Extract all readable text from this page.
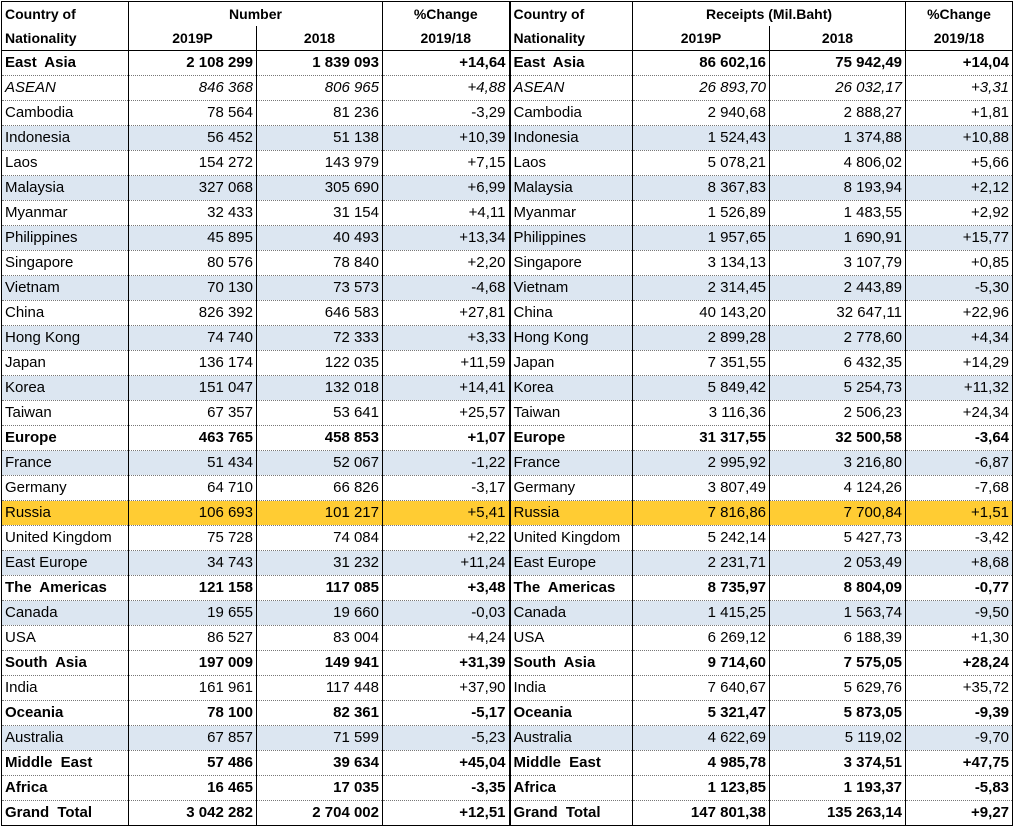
Country of	Number		%Change	Country of	Receipts (Mil.Baht)		%Change
Nationality	2019P	2018	2019/18	Nationality	2019P	2018	2019/18
East Asia	2 108 299	1 839 093	+14,64	East Asia	86 602,16	75 942,49	+14,04
ASEAN	846 368	806 965	+4,88	ASEAN	26 893,70	26 032,17	+3,31
Cambodia	78 564	81 236	-3,29	Cambodia	2 940,68	2 888,27	+1,81
Indonesia	56 452	51 138	+10,39	Indonesia	1 524,43	1 374,88	+10,88
Laos	154 272	143 979	+7,15	Laos	5 078,21	4 806,02	+5,66
Malaysia	327 068	305 690	+6,99	Malaysia	8 367,83	8 193,94	+2,12
Myanmar	32 433	31 154	+4,11	Myanmar	1 526,89	1 483,55	+2,92
Philippines	45 895	40 493	+13,34	Philippines	1 957,65	1 690,91	+15,77
Singapore	80 576	78 840	+2,20	Singapore	3 134,13	3 107,79	+0,85
Vietnam	70 130	73 573	-4,68	Vietnam	2 314,45	2 443,89	-5,30
China	826 392	646 583	+27,81	China	40 143,20	32 647,11	+22,96
Hong Kong	74 740	72 333	+3,33	Hong Kong	2 899,28	2 778,60	+4,34
Japan	136 174	122 035	+11,59	Japan	7 351,55	6 432,35	+14,29
Korea	151 047	132 018	+14,41	Korea	5 849,42	5 254,73	+11,32
Taiwan	67 357	53 641	+25,57	Taiwan	3 116,36	2 506,23	+24,34
Europe	463 765	458 853	+1,07	Europe	31 317,55	32 500,58	-3,64
France	51 434	52 067	-1,22	France	2 995,92	3 216,80	-6,87
Germany	64 710	66 826	-3,17	Germany	3 807,49	4 124,26	-7,68
Russia	106 693	101 217	+5,41	Russia	7 816,86	7 700,84	+1,51
United Kingdom	75 728	74 084	+2,22	United Kingdom	5 242,14	5 427,73	-3,42
East Europe	34 743	31 232	+11,24	East Europe	2 231,71	2 053,49	+8,68
The Americas	121 158	117 085	+3,48	The Americas	8 735,97	8 804,09	-0,77
Canada	19 655	19 660	-0,03	Canada	1 415,25	1 563,74	-9,50
USA	86 527	83 004	+4,24	USA	6 269,12	6 188,39	+1,30
South Asia	197 009	149 941	+31,39	South Asia	9 714,60	7 575,05	+28,24
India	161 961	117 448	+37,90	India	7 640,67	5 629,76	+35,72
Oceania	78 100	82 361	-5,17	Oceania	5 321,47	5 873,05	-9,39
Australia	67 857	71 599	-5,23	Australia	4 622,69	5 119,02	-9,70
Middle East	57 486	39 634	+45,04	Middle East	4 985,78	3 374,51	+47,75
Africa	16 465	17 035	-3,35	Africa	1 123,85	1 193,37	-5,83
Grand Total	3 042 282	2 704 002	+12,51	Grand Total	147 801,38	135 263,14	+9,27
